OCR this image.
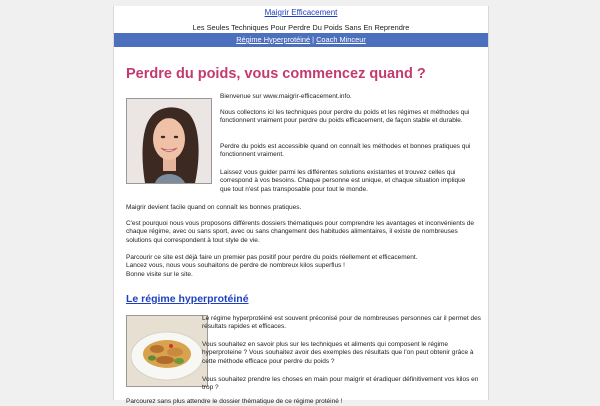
Maigrir Efficacement
Les Seules Techniques Pour Perdre Du Poids Sans En Reprendre
Régime Hyperprotéiné | Coach Minceur
Perdre du poids, vous commencez quand ?

Bienvenue sur www.maigrir-efficacement.info.

Nous collectons ici les techniques pour perdre du poids et les régimes et méthodes qui fonctionnent vraiment pour perdre du poids efficacement, de façon stable et durable.

Perdre du poids est accessible quand on connaît les méthodes et bonnes pratiques qui fonctionnent vraiment.

Laissez vous guider parmi les différentes solutions existantes et trouvez celles qui correspond à vos besoins. Chaque personne est unique, et chaque situation implique que tout n'est pas transposable pour tout le monde.

Maigrir devient facile quand on connaît les bonnes pratiques.

C'est pourquoi nous vous proposons différents dossiers thématiques pour comprendre les avantages et inconvénients de chaque régime, avec ou sans sport, avec ou sans changement des habitudes alimentaires, il existe de nombreuses solutions qui correspondent à tout style de vie.

Parcourir ce site est déjà faire un premier pas positif pour perdre du poids réellement et efficacement.
Lancez vous, nous vous souhaitons de perdre de nombreux kilos superflus !
Bonne visite sur le site.
Le régime hyperprotéiné

Le régime hyperprotéiné est souvent préconisé pour de nombreuses personnes car il permet des résultats rapides et efficaces.

Vous souhaitez en savoir plus sur les techniques et aliments qui composent le régime hyperproteine ? Vous souhaitez avoir des exemples des résultats que l'on peut obtenir grâce à cette méthode efficace pour perdre du poids ?

Vous souhaitez prendre les choses en main pour maigrir et éradiquer définitivement vos kilos en trop ?

Parcourez sans plus attendre le dossier thématique de ce régime protéiné !
